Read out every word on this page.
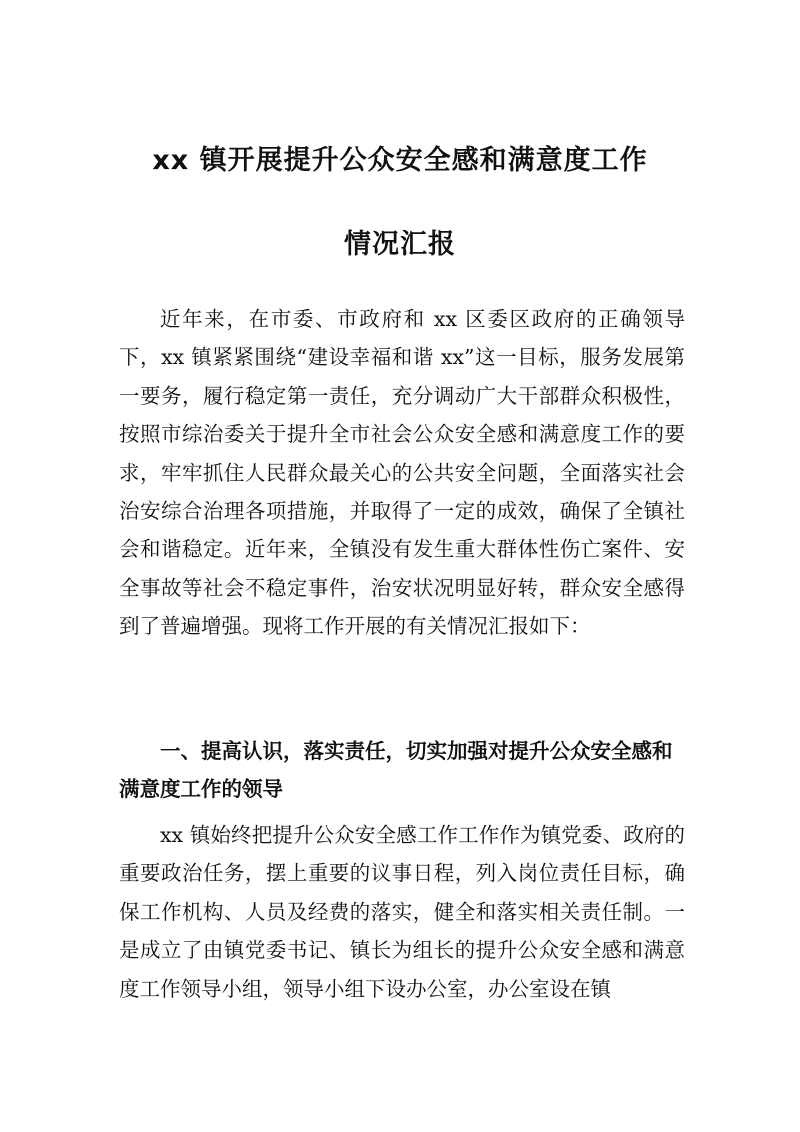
xx 镇开展提升公众安全感和满意度工作
情况汇报

近年来，在市委、市政府和 xx 区委区政府的正确领导下，xx 镇紧紧围绕“建设幸福和谐 xx”这一目标，服务发展第一要务，履行稳定第一责任，充分调动广大干部群众积极性，按照市综治委关于提升全市社会公众安全感和满意度工作的要求，牢牢抓住人民群众最关心的公共安全问题，全面落实社会治安综合治理各项措施，并取得了一定的成效，确保了全镇社会和谐稳定。近年来，全镇没有发生重大群体性伤亡案件、安全事故等社会不稳定事件，治安状况明显好转，群众安全感得到了普遍增强。现将工作开展的有关情况汇报如下：

一、提高认识，落实责任，切实加强对提升公众安全感和满意度工作的领导

xx 镇始终把提升公众安全感工作工作作为镇党委、政府的重要政治任务，摆上重要的议事日程，列入岗位责任目标，确保工作机构、人员及经费的落实，健全和落实相关责任制。一是成立了由镇党委书记、镇长为组长的提升公众安全感和满意度工作领导小组，领导小组下设办公室，办公室设在镇
